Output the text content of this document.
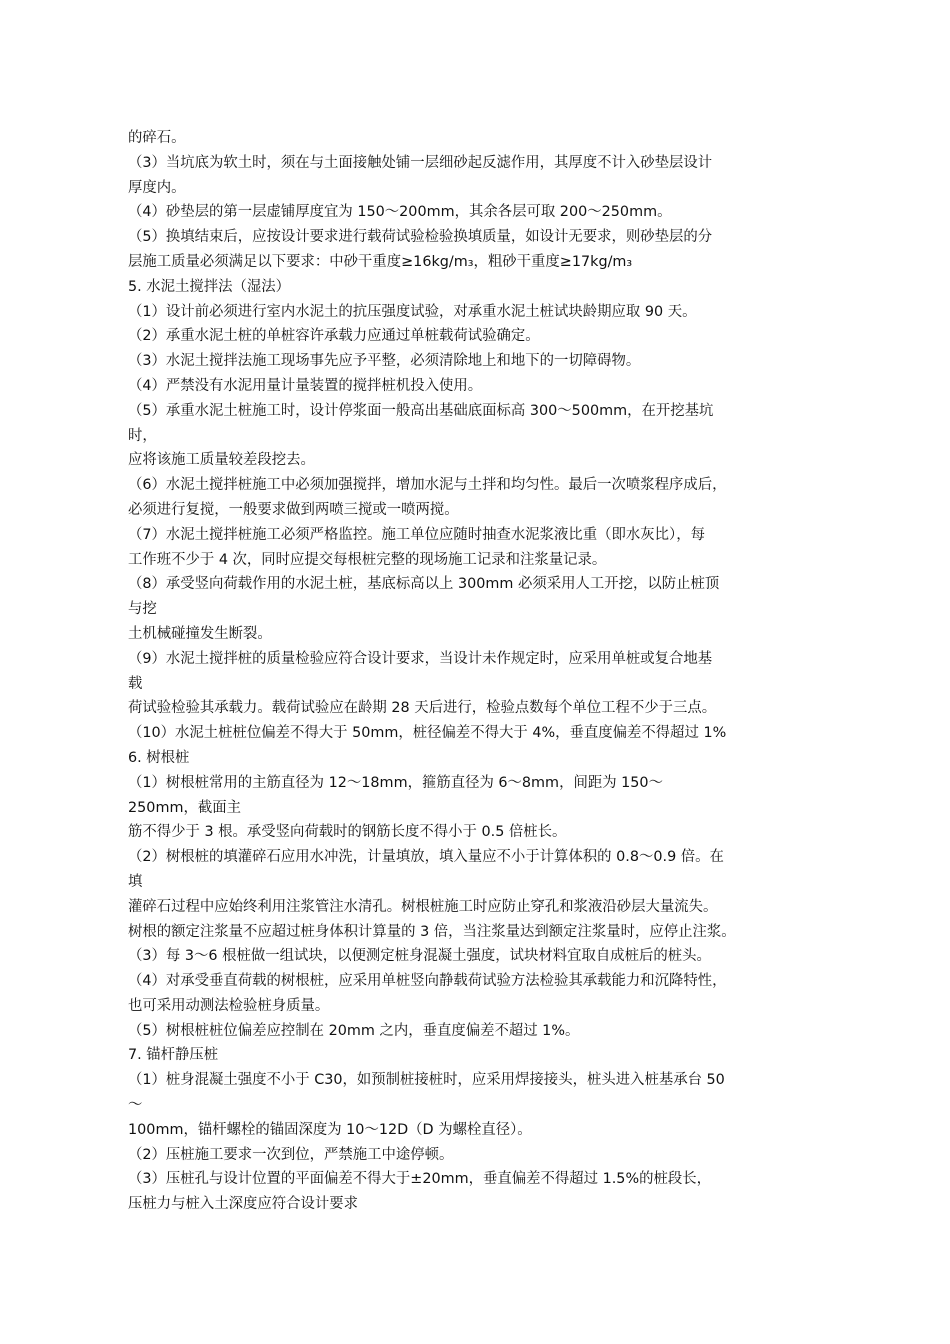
的碎石。
（3）当坑底为软土时，须在与土面接触处铺一层细砂起反滤作用，其厚度不计入砂垫层设计
厚度内。
（4）砂垫层的第一层虚铺厚度宜为 150～200mm，其余各层可取 200～250mm。
（5）换填结束后，应按设计要求进行载荷试验检验换填质量，如设计无要求，则砂垫层的分
层施工质量必须满足以下要求：中砂干重度≥16kg/m₃，粗砂干重度≥17kg/m₃
5. 水泥土搅拌法（湿法）
（1）设计前必须进行室内水泥土的抗压强度试验，对承重水泥土桩试块龄期应取 90 天。
（2）承重水泥土桩的单桩容许承载力应通过单桩载荷试验确定。
（3）水泥土搅拌法施工现场事先应予平整，必须清除地上和地下的一切障碍物。
（4）严禁没有水泥用量计量装置的搅拌桩机投入使用。
（5）承重水泥土桩施工时，设计停浆面一般高出基础底面标高 300～500mm，在开挖基坑
时，
应将该施工质量较差段挖去。
（6）水泥土搅拌桩施工中必须加强搅拌，增加水泥与土拌和均匀性。最后一次喷浆程序成后，
必须进行复搅，一般要求做到两喷三搅或一喷两搅。
（7）水泥土搅拌桩施工必须严格监控。施工单位应随时抽查水泥浆液比重（即水灰比），每
工作班不少于 4 次，同时应提交每根桩完整的现场施工记录和注浆量记录。
（8）承受竖向荷载作用的水泥土桩，基底标高以上 300mm 必须采用人工开挖，以防止桩顶
与挖
土机械碰撞发生断裂。
（9）水泥土搅拌桩的质量检验应符合设计要求，当设计未作规定时，应采用单桩或复合地基
载
荷试验检验其承载力。载荷试验应在龄期 28 天后进行，检验点数每个单位工程不少于三点。
（10）水泥土桩桩位偏差不得大于 50mm，桩径偏差不得大于 4%，垂直度偏差不得超过 1%
6. 树根桩
（1）树根桩常用的主筋直径为 12～18mm，箍筋直径为 6～8mm，间距为 150～
250mm，截面主
筋不得少于 3 根。承受竖向荷载时的钢筋长度不得小于 0.5 倍桩长。
（2）树根桩的填灌碎石应用水冲洗，计量填放，填入量应不小于计算体积的 0.8～0.9 倍。在
填
灌碎石过程中应始终利用注浆管注水清孔。树根桩施工时应防止穿孔和浆液沿砂层大量流失。
树根的额定注浆量不应超过桩身体积计算量的 3 倍，当注浆量达到额定注浆量时，应停止注浆。
（3）每 3～6 根桩做一组试块，以便测定桩身混凝土强度，试块材料宜取自成桩后的桩头。
（4）对承受垂直荷载的树根桩，应采用单桩竖向静载荷试验方法检验其承载能力和沉降特性，
也可采用动测法检验桩身质量。
（5）树根桩桩位偏差应控制在 20mm 之内，垂直度偏差不超过 1%。
7. 锚杆静压桩
（1）桩身混凝土强度不小于 C30，如预制桩接桩时，应采用焊接接头，桩头进入桩基承台 50
～
100mm，锚杆螺栓的锚固深度为 10～12D（D 为螺栓直径）。
（2）压桩施工要求一次到位，严禁施工中途停顿。
（3）压桩孔与设计位置的平面偏差不得大于±20mm，垂直偏差不得超过 1.5%的桩段长，
压桩力与桩入土深度应符合设计要求
